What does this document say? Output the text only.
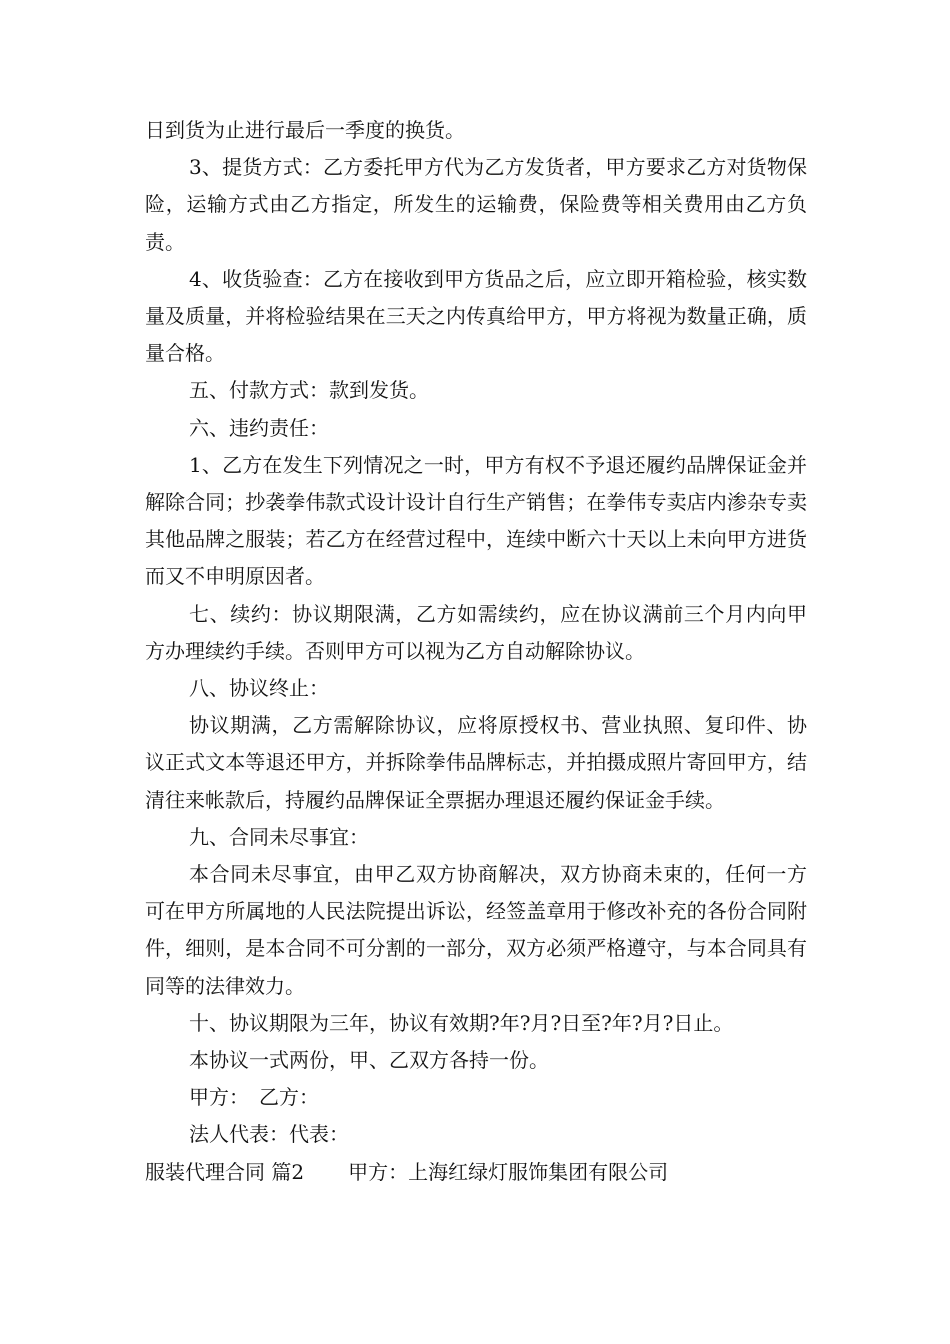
日到货为止进行最后一季度的换货。

3、提货方式：乙方委托甲方代为乙方发货者，甲方要求乙方对货物保险，运输方式由乙方指定，所发生的运输费，保险费等相关费用由乙方负责。

4、收货验查：乙方在接收到甲方货品之后，应立即开箱检验，核实数量及质量，并将检验结果在三天之内传真给甲方，甲方将视为数量正确，质量合格。

五、付款方式：款到发货。

六、违约责任：

1、乙方在发生下列情况之一时，甲方有权不予退还履约品牌保证金并解除合同；抄袭拳伟款式设计设计自行生产销售；在拳伟专卖店内渗杂专卖其他品牌之服装；若乙方在经营过程中，连续中断六十天以上未向甲方进货而又不申明原因者。

七、续约：协议期限满，乙方如需续约，应在协议满前三个月内向甲方办理续约手续。否则甲方可以视为乙方自动解除协议。

八、协议终止：

协议期满，乙方需解除协议，应将原授权书、营业执照、复印件、协议正式文本等退还甲方，并拆除拳伟品牌标志，并拍摄成照片寄回甲方，结清往来帐款后，持履约品牌保证全票据办理退还履约保证金手续。

九、合同未尽事宜：

本合同未尽事宜，由甲乙双方协商解决，双方协商未束的，任何一方可在甲方所属地的人民法院提出诉讼，经签盖章用于修改补充的各份合同附件，细则，是本合同不可分割的一部分，双方必须严格遵守，与本合同具有同等的法律效力。

十、协议期限为三年，协议有效期?年?月?日至?年?月?日止。

本协议一式两份，甲、乙双方各持一份。

甲方：　乙方：

法人代表：代表：

服装代理合同 篇2 甲方：上海红绿灯服饰集团有限公司
